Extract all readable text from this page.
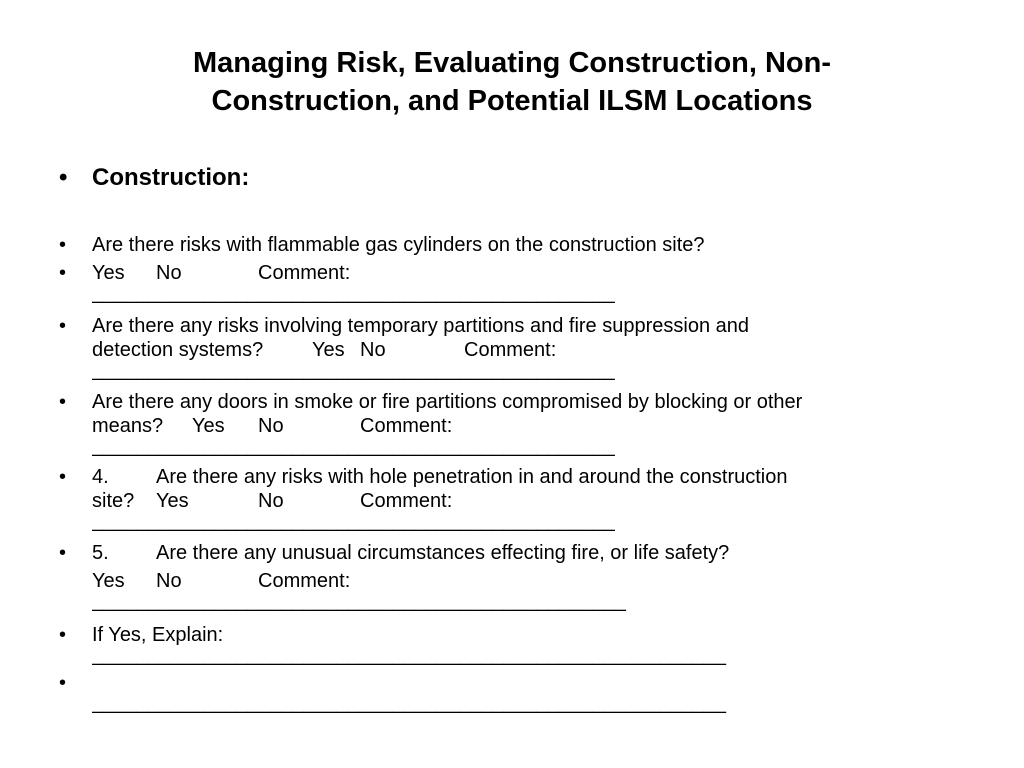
Managing Risk, Evaluating Construction, Non-
Construction, and Potential ILSM Locations
• Construction:
• Are there risks with flammable gas cylinders on the construction site?
• Yes No	Comment:
_______________________________________________
• Are there any risks involving temporary partitions and fire suppression and
detection systems? Yes No	Comment:
_______________________________________________
• Are there any doors in smoke or fire partitions compromised by blocking or other
means? Yes No	Comment:
_______________________________________________
• 4. Are there any risks with hole penetration in and around the construction
site? Yes	No	Comment:
_______________________________________________
• 5. Are there any unusual circumstances effecting fire, or life safety?
Yes No	Comment:
________________________________________________
• If Yes, Explain:
_________________________________________________________
• _________________________________________________________
